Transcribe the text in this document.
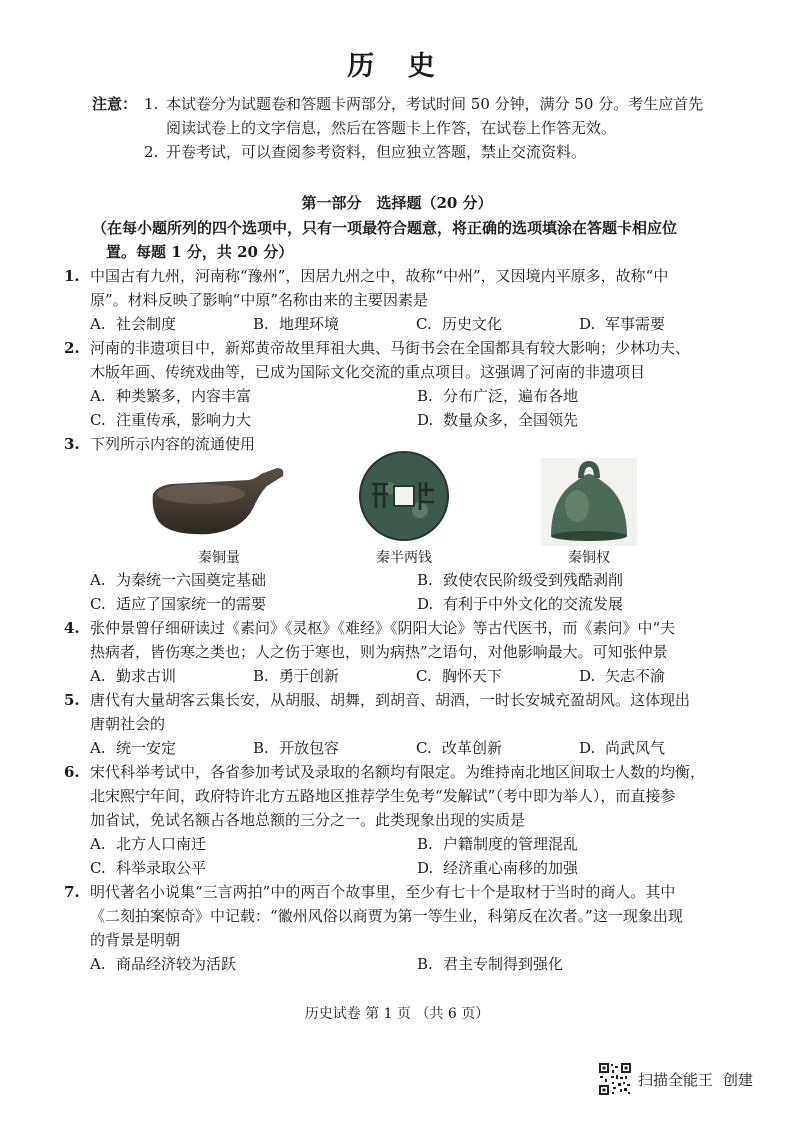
历 史
注意： 1. 本试卷分为试题卷和答题卡两部分，考试时间 50 分钟，满分 50 分。考生应首先
阅读试卷上的文字信息，然后在答题卡上作答，在试卷上作答无效。
2. 开卷考试，可以查阅参考资料，但应独立答题，禁止交流资料。
第一部分　选择题（20 分）
（在每小题所列的四个选项中，只有一项最符合题意，将正确的选项填涂在答题卡相应位
置。每题 1 分，共 20 分）
1. 中国古有九州，河南称“豫州”，因居九州之中，故称“中州”，又因境内平原多，故称“中
原”。材料反映了影响“中原”名称由来的主要因素是
A. 社会制度	B. 地理环境	C. 历史文化	D. 军事需要
2. 河南的非遗项目中，新郑黄帝故里拜祖大典、马街书会在全国都具有较大影响；少林功夫、
木版年画、传统戏曲等，已成为国际文化交流的重点项目。这强调了河南的非遗项目
A. 种类繁多，内容丰富	B. 分布广泛，遍布各地
C. 注重传承，影响力大	D. 数量众多，全国领先
3. 下列所示内容的流通使用
秦铜量	秦半两钱	秦铜权
A. 为秦统一六国奠定基础	B. 致使农民阶级受到残酷剥削
C. 适应了国家统一的需要	D. 有利于中外文化的交流发展
4. 张仲景曾仔细研读过《素问》《灵枢》《难经》《阴阳大论》等古代医书，而《素问》中“夫
热病者，皆伤寒之类也；人之伤于寒也，则为病热”之语句，对他影响最大。可知张仲景
A. 勤求古训	B. 勇于创新	C. 胸怀天下	D. 矢志不渝
5. 唐代有大量胡客云集长安，从胡服、胡舞，到胡音、胡酒，一时长安城充盈胡风。这体现出
唐朝社会的
A. 统一安定	B. 开放包容	C. 改革创新	D. 尚武风气
6. 宋代科举考试中，各省参加考试及录取的名额均有限定。为维持南北地区间取士人数的均衡，
北宋熙宁年间，政府特许北方五路地区推荐学生免考“发解试”（考中即为举人），而直接参
加省试，免试名额占各地总额的三分之一。此类现象出现的实质是
A. 北方人口南迁	B. 户籍制度的管理混乱
C. 科举录取公平	D. 经济重心南移的加强
7. 明代著名小说集“三言两拍”中的两百个故事里，至少有七十个是取材于当时的商人。其中
《二刻拍案惊奇》中记载：“徽州风俗以商贾为第一等生业，科第反在次者。”这一现象出现
的背景是明朝
A. 商品经济较为活跃	B. 君主专制得到强化
历史试卷 第 1 页 （共 6 页）
扫描全能王 创建
